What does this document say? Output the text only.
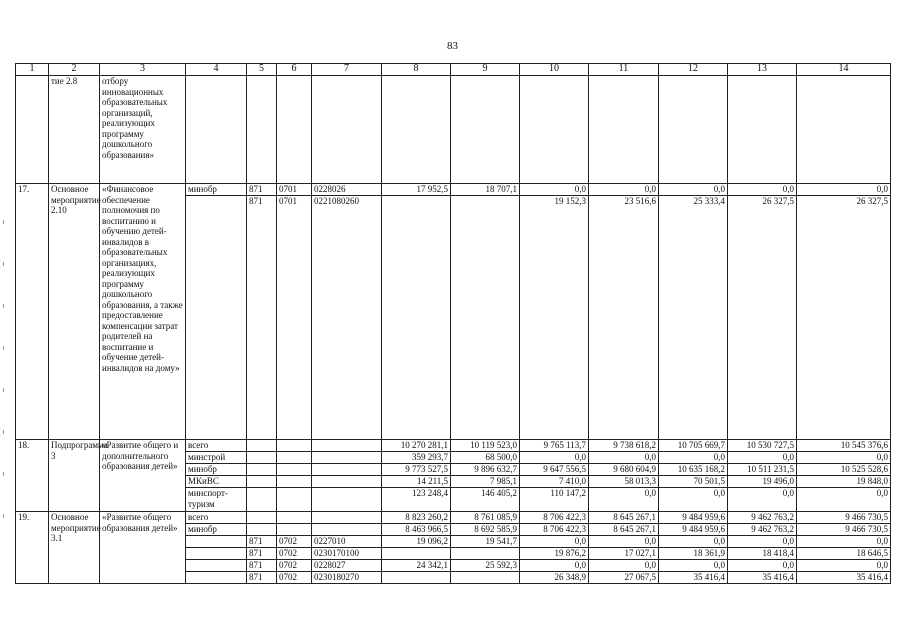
83
1	2	3	4	5	6	7	8	9	10	11	12	13	14
	тие 2.8	отбору инновационных образовательных организаций, реализующих программу дошкольного образования»											
17.	Основное мероприятие 2.10	«Финансовое обеспечение полномочия по воспитанию и обучению детей-инвалидов в образовательных организациях, реализующих программу дошкольного образования, а также предоставление компенсации затрат родителей на воспитание и обучение детей-инвалидов на дому»	минобр	871	0701	0228026	17 952,5	18 707,1	0,0	0,0	0,0	0,0	0,0
				871	0701	0221080260			19 152,3	23 516,6	25 333,4	26 327,5	26 327,5
18.	Подпрограмма 3	«Развитие общего и дополнительного образования детей»	всего				10 270 281,1	10 119 523,0	9 765 113,7	9 738 618,2	10 705 669,7	10 530 727,5	10 545 376,6
			минстрой				359 293,7	68 500,0	0,0	0,0	0,0	0,0	0,0
			минобр				9 773 527,5	9 896 632,7	9 647 556,5	9 680 604,9	10 635 168,2	10 511 231,5	10 525 528,6
			МКиВС				14 211,5	7 985,1	7 410,0	58 013,3	70 501,5	19 496,0	19 848,0
			минспорт-туризм				123 248,4	146 405,2	110 147,2	0,0	0,0	0,0	0,0
19.	Основное мероприятие 3.1	«Развитие общего образования детей»	всего				8 823 260,2	8 761 085,9	8 706 422,3	8 645 267,1	9 484 959,6	9 462 763,2	9 466 730,5
			минобр				8 463 966,5	8 692 585,9	8 706 422,3	8 645 267,1	9 484 959,6	9 462 763,2	9 466 730,5
				871	0702	0227010	19 096,2	19 541,7	0,0	0,0	0,0	0,0	0,0
				871	0702	0230170100			19 876,2	17 027,1	18 361,9	18 418,4	18 646,5
				871	0702	0228027	24 342,1	25 592,3	0,0	0,0	0,0	0,0	0,0
				871	0702	0230180270			26 348,9	27 067,5	35 416,4	35 416,4	35 416,4
